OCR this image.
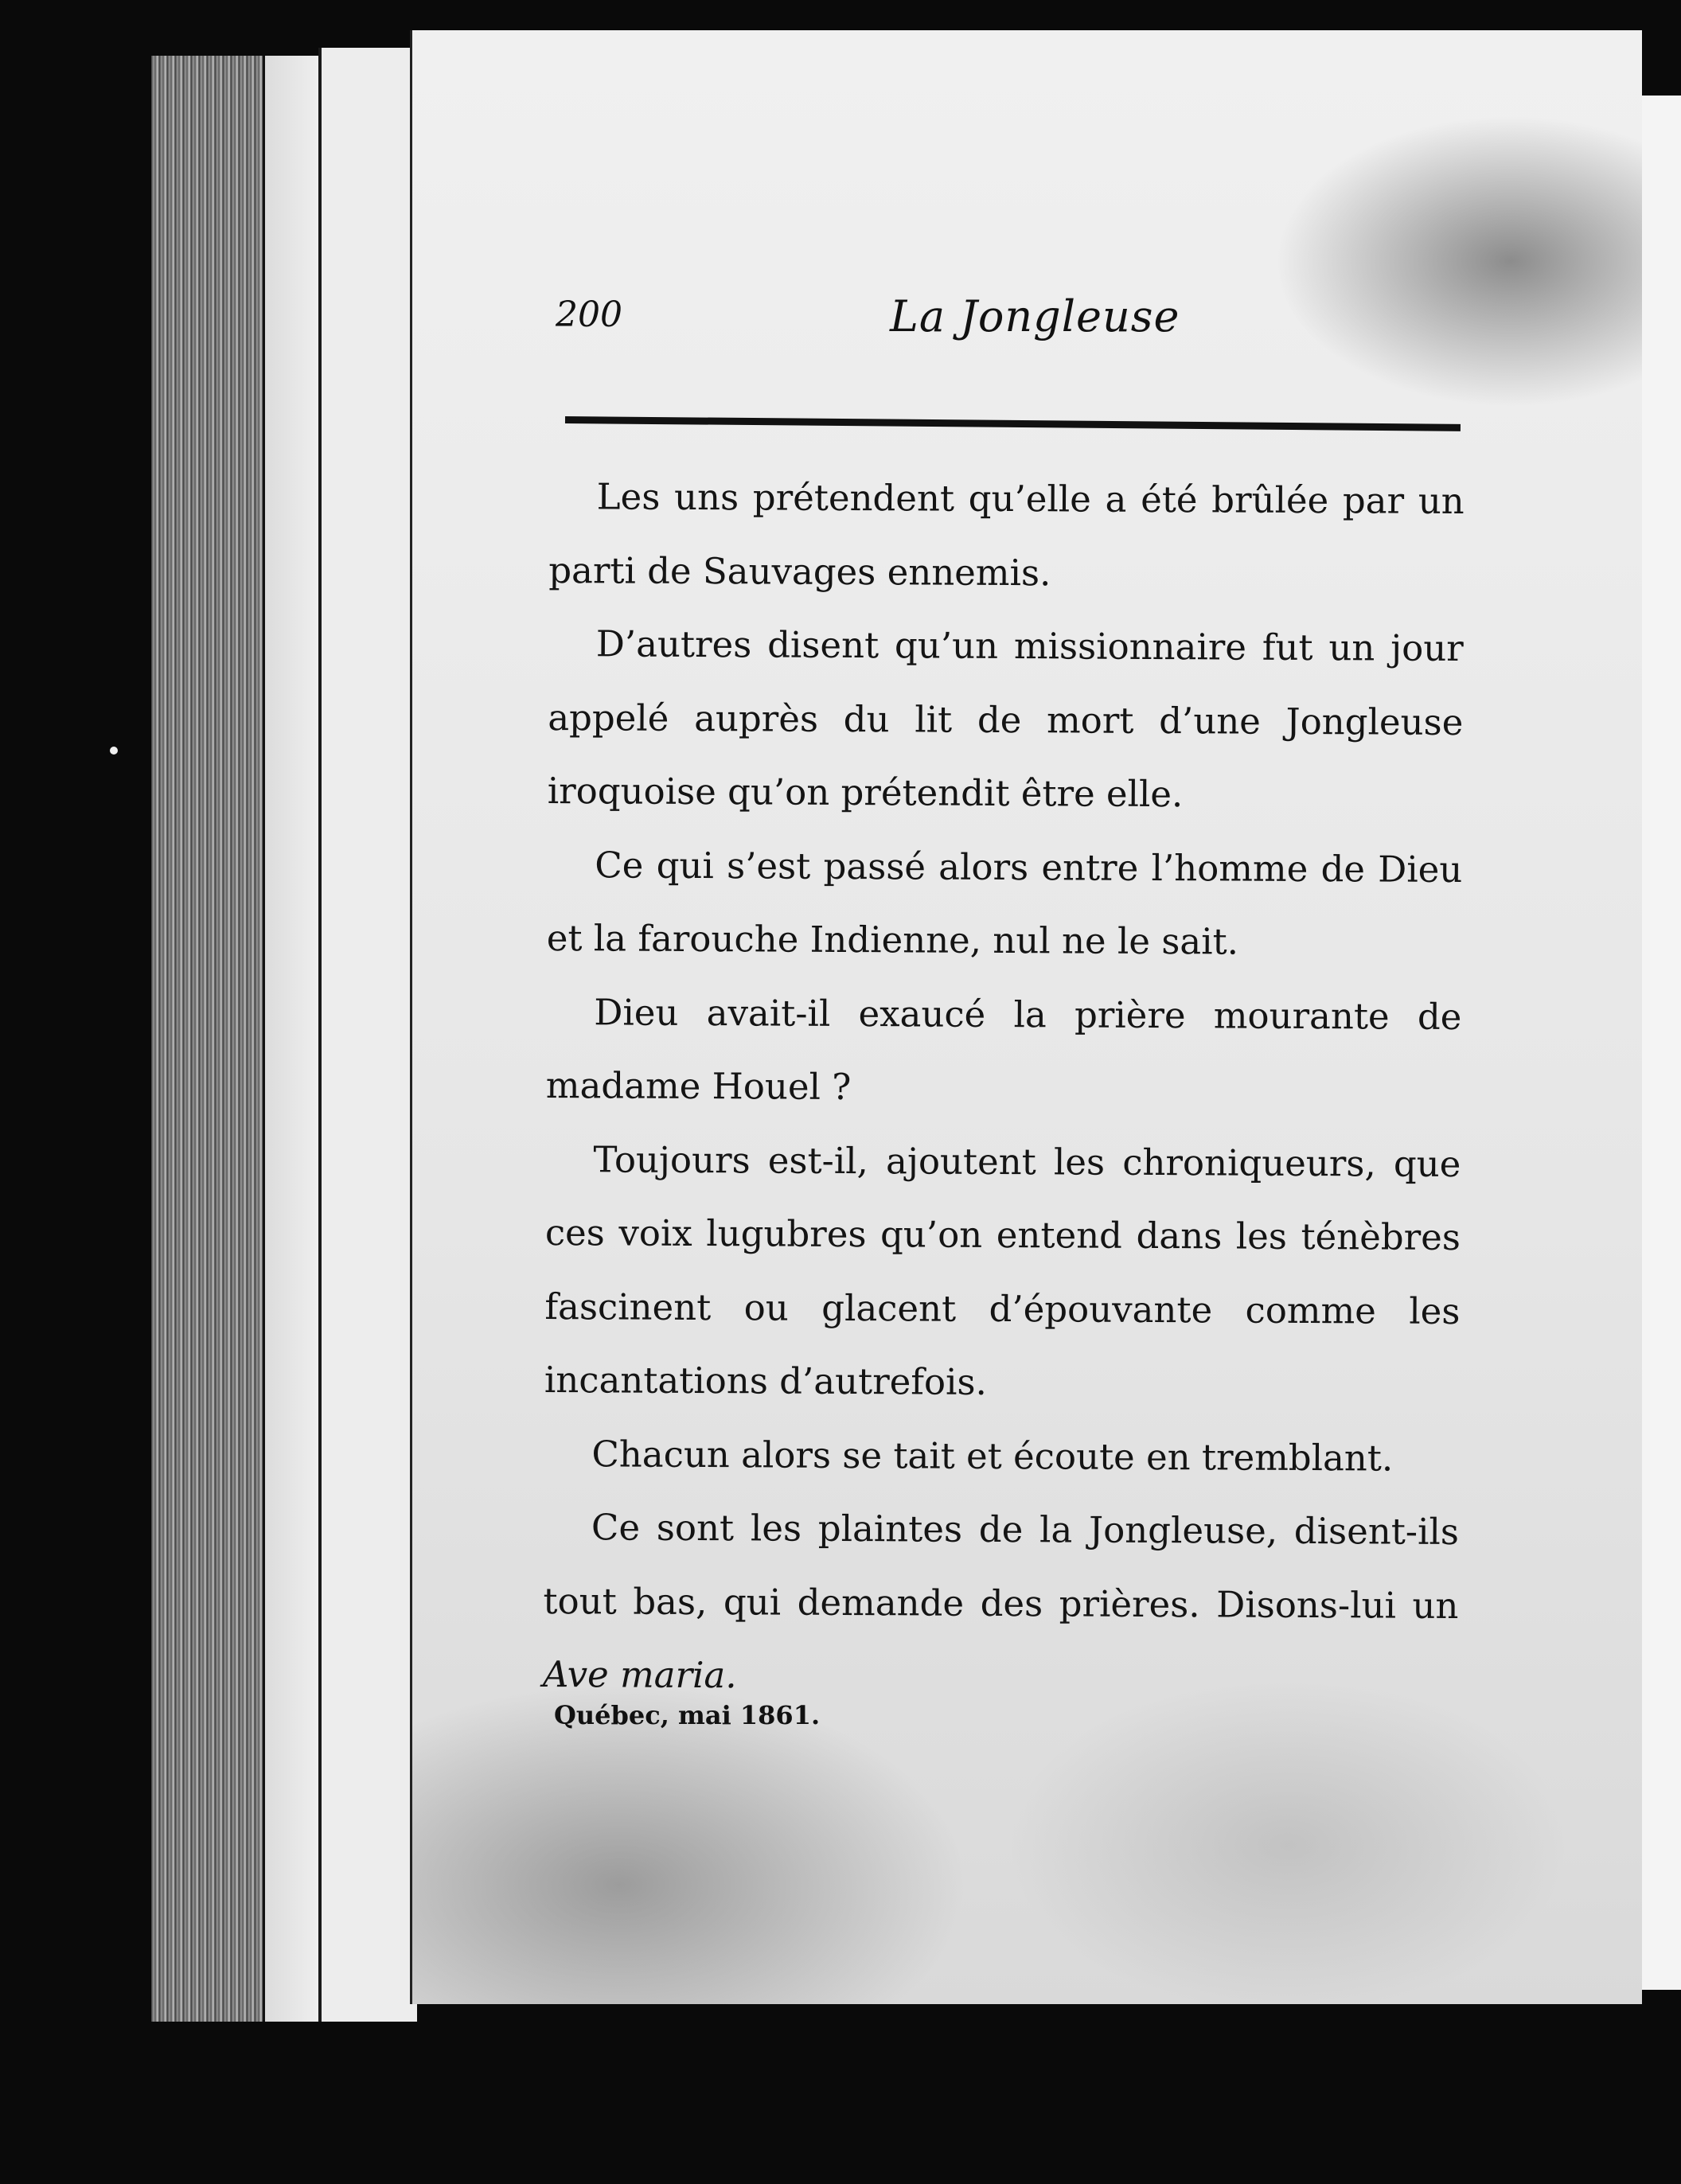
200	La Jongleuse

Les uns prétendent qu’elle a été brûlée par un parti de Sauvages ennemis.

D’autres disent qu’un missionnaire fut un jour appelé auprès du lit de mort d’une Jongleuse iroquoise qu’on prétendit être elle.

Ce qui s’est passé alors entre l’homme de Dieu et la farouche Indienne, nul ne le sait.

Dieu avait-il exaucé la prière mourante de madame Houel ?

Toujours est-il, ajoutent les chroniqueurs, que ces voix lugubres qu’on entend dans les ténèbres fascinent ou glacent d’épouvante comme les incantations d’autrefois.

Chacun alors se tait et écoute en tremblant.

Ce sont les plaintes de la Jongleuse, disent-ils tout bas, qui demande des prières. Disons-lui un Ave maria.

Québec, mai 1861.
